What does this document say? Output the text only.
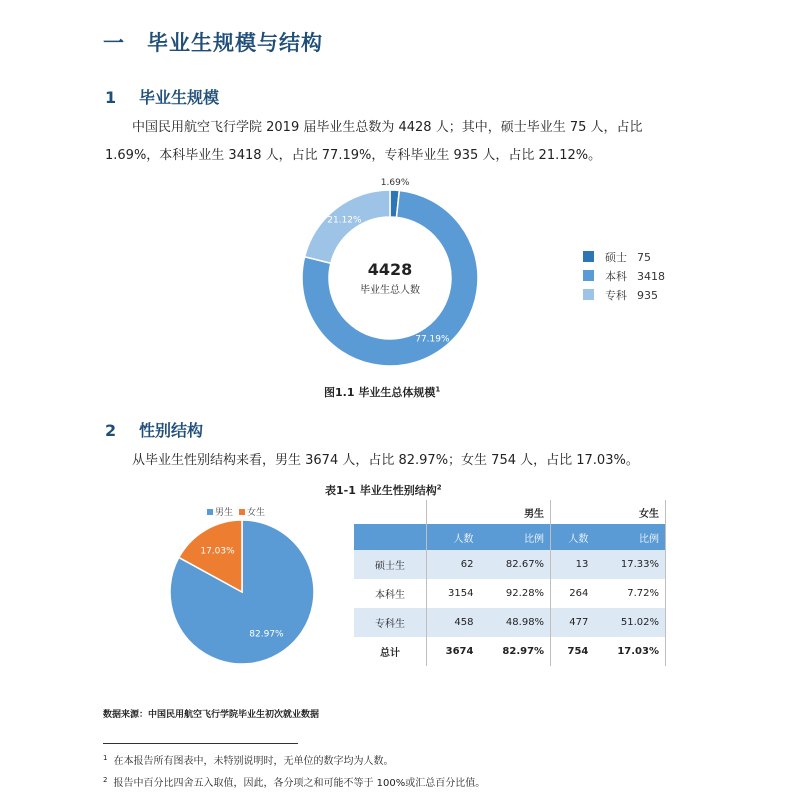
一 毕业生规模与结构
1 毕业生规模
中国民用航空飞行学院 2019 届毕业生总数为 4428 人；其中，硕士毕业生 75 人，占比 1.69%，本科毕业生 3418 人，占比 77.19%，专科毕业生 935 人，占比 21.12%。
1.69%
77.19%
21.12%
4428
毕业生总人数
硕士 75
本科 3418
专科 935
图1.1 毕业生总体规模$^1$
2 性别结构
从毕业生性别结构来看，男生 3674 人，占比 82.97%；女生 754 人，占比 17.03%。
表1-1 毕业生性别结构$^2$
男生 女生
82.97%
17.03%
	男生		女生	
	人数	比例	人数	比例
硕士生	62	82.67%	13	17.33%
本科生	3154	92.28%	264	7.72%
专科生	458	48.98%	477	51.02%
总计	3674	82.97%	754	17.03%
数据来源：中国民用航空飞行学院毕业生初次就业数据
$^1$ 在本报告所有图表中，未特别说明时，无单位的数字均为人数。
$^2$ 报告中百分比四舍五入取值，因此，各分项之和可能不等于 100%或汇总百分比值。
